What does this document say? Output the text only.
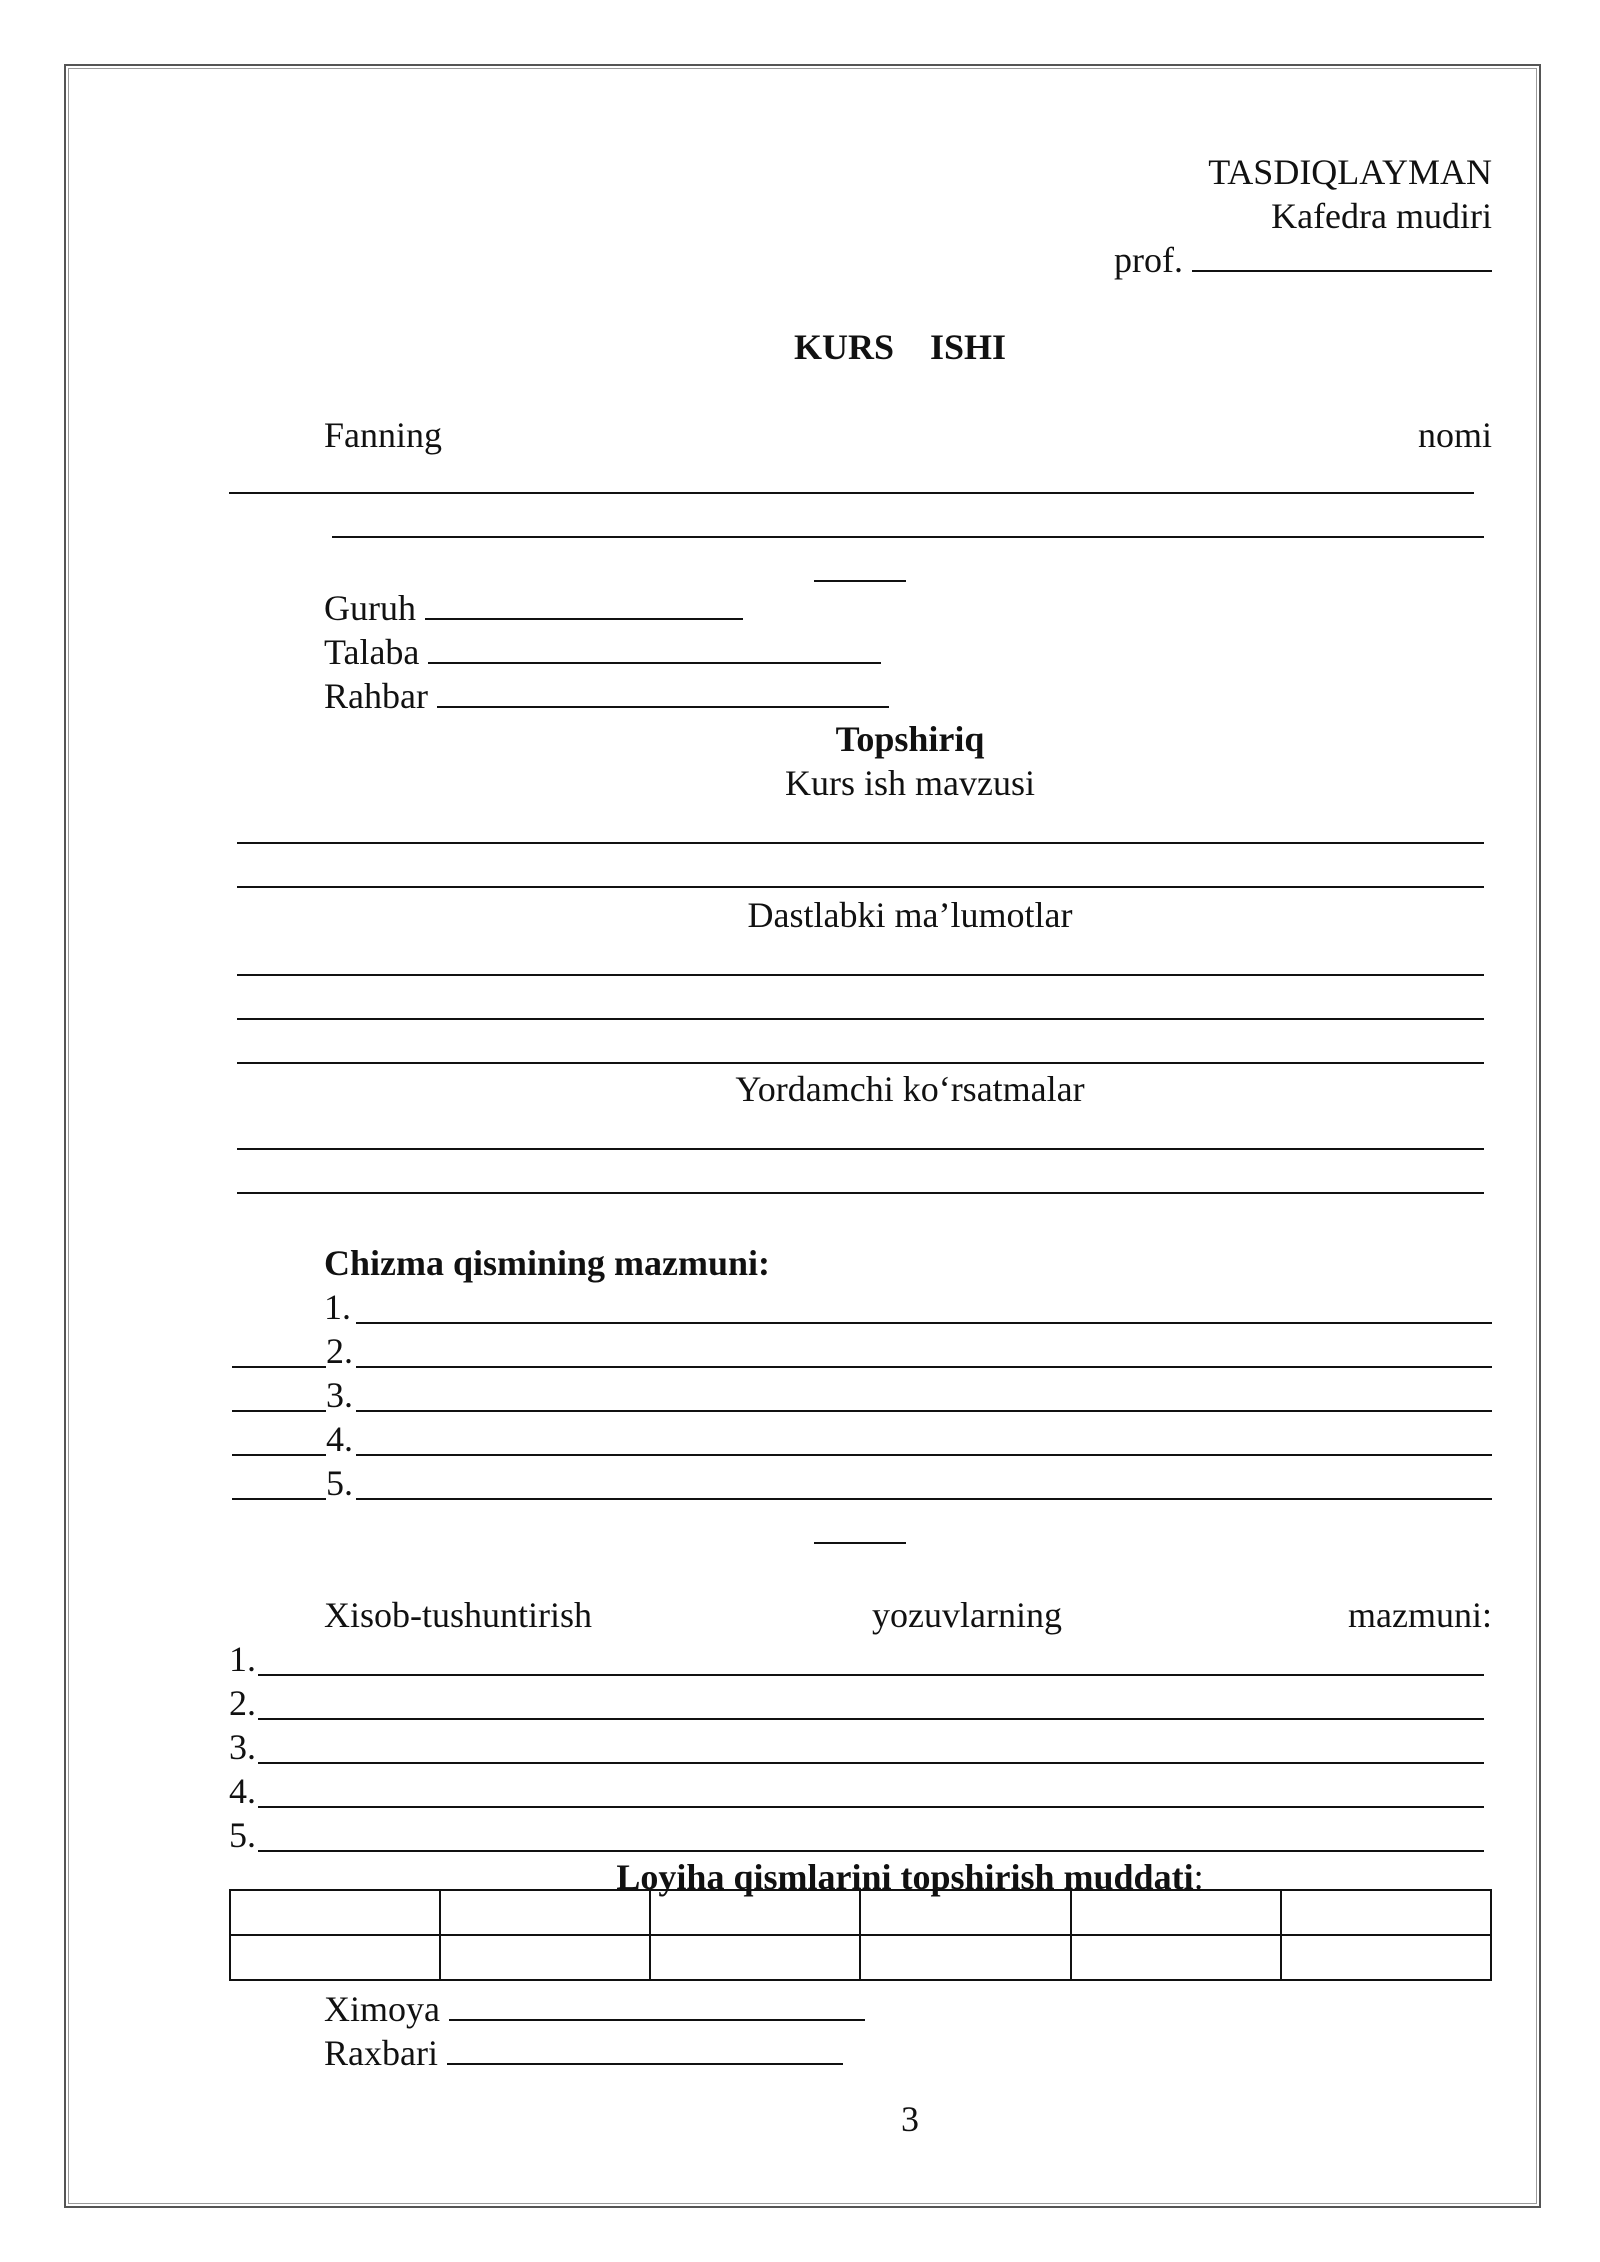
TASDIQLAYMAN
Kafedra mudiri
prof.
KURS    ISHI
Fanning	nomi
Guruh
Talaba
Rahbar
Topshiriq
Kurs ish mavzusi
Dastlabki ma’lumotlar
Yordamchi ko‘rsatmalar
Chizma qismining mazmuni:
1.
2.
3.
4.
5.
Xisob-tushuntirish	yozuvlarning	mazmuni:
1.
2.
3.
4.
5.
Loyiha qismlarini topshirish muddati:

Ximoya
Raxbari
3
